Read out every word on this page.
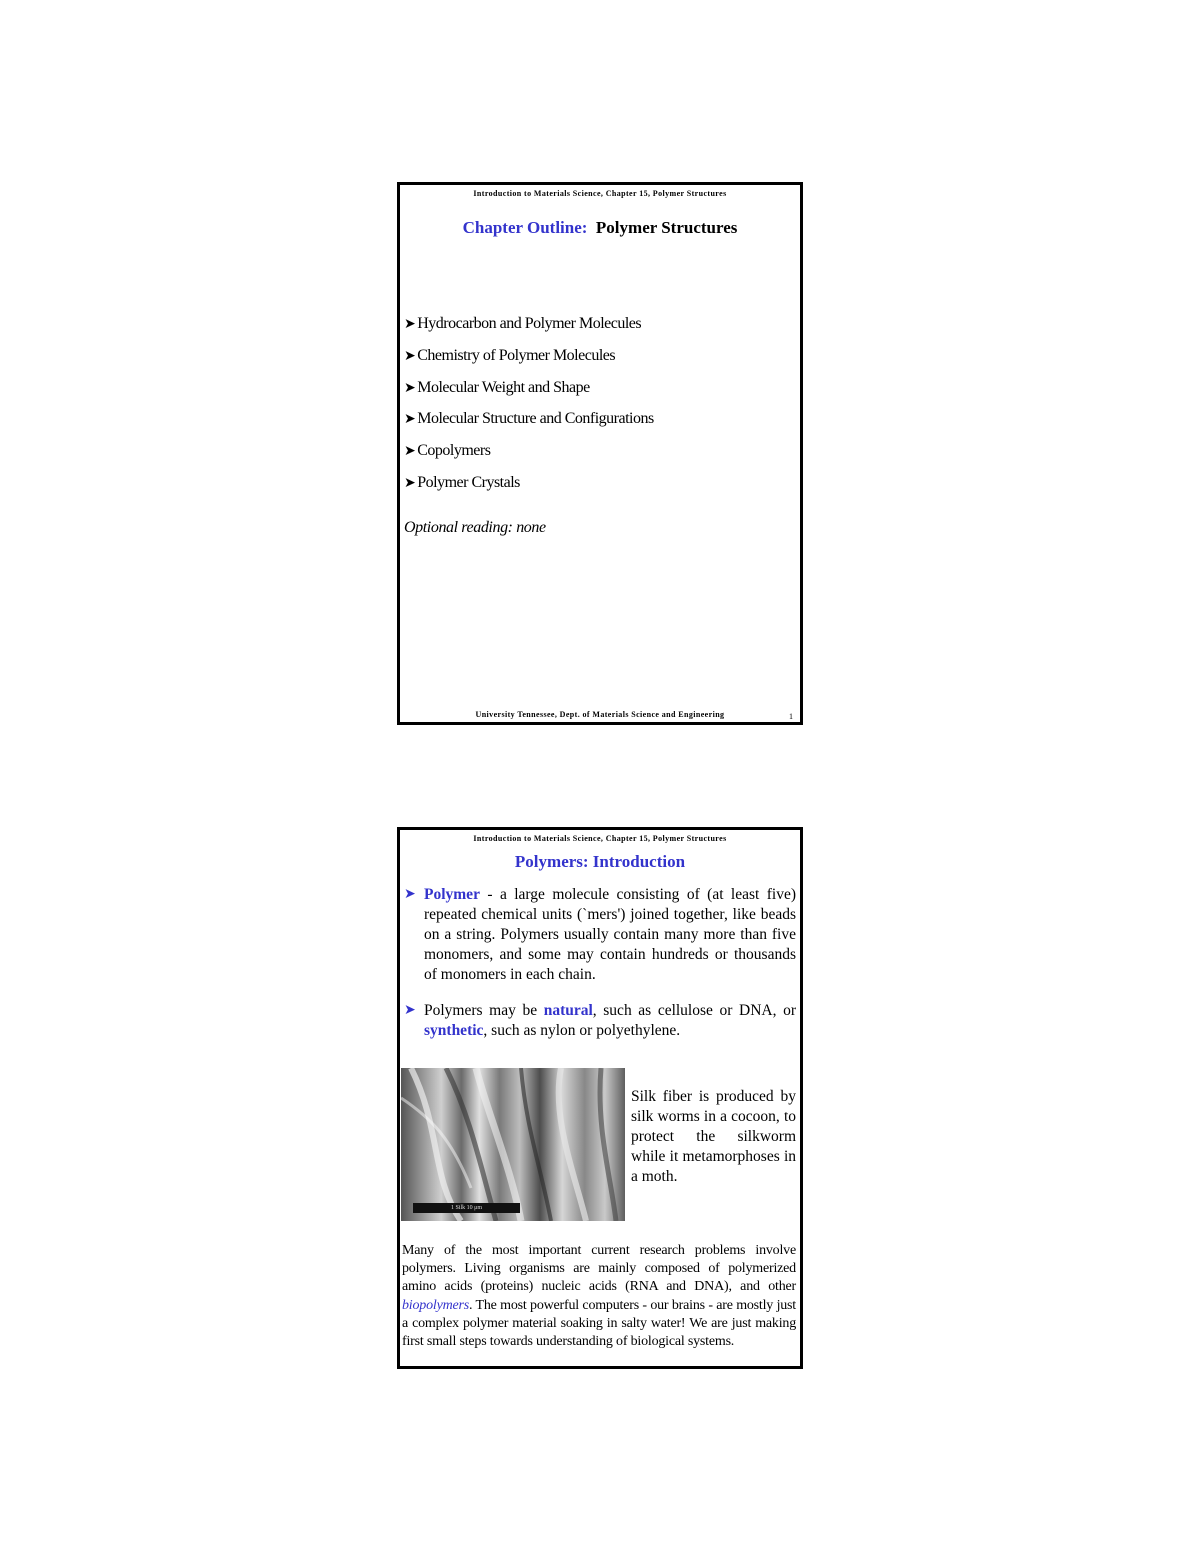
Introduction to Materials Science, Chapter 15, Polymer Structures
Chapter Outline: Polymer Structures
➤ Hydrocarbon and Polymer Molecules
➤ Chemistry of Polymer Molecules
➤ Molecular Weight and Shape
➤ Molecular Structure and Configurations
➤ Copolymers
➤ Polymer Crystals
Optional reading: none
University Tennessee, Dept. of Materials Science and Engineering	1
Introduction to Materials Science, Chapter 15, Polymer Structures
Polymers: Introduction
➤ Polymer - a large molecule consisting of (at least five) repeated chemical units (`mers') joined together, like beads on a string. Polymers usually contain many more than five monomers, and some may contain hundreds or thousands of monomers in each chain.
➤ Polymers may be natural, such as cellulose or DNA, or synthetic, such as nylon or polyethylene.
1 Silk 10 μm
Silk fiber is produced by silk worms in a cocoon, to protect the silkworm while it metamorphoses in a moth.
Many of the most important current research problems involve polymers. Living organisms are mainly composed of polymerized amino acids (proteins) nucleic acids (RNA and DNA), and other biopolymers. The most powerful computers - our brains - are mostly just a complex polymer material soaking in salty water! We are just making first small steps towards understanding of biological systems.
